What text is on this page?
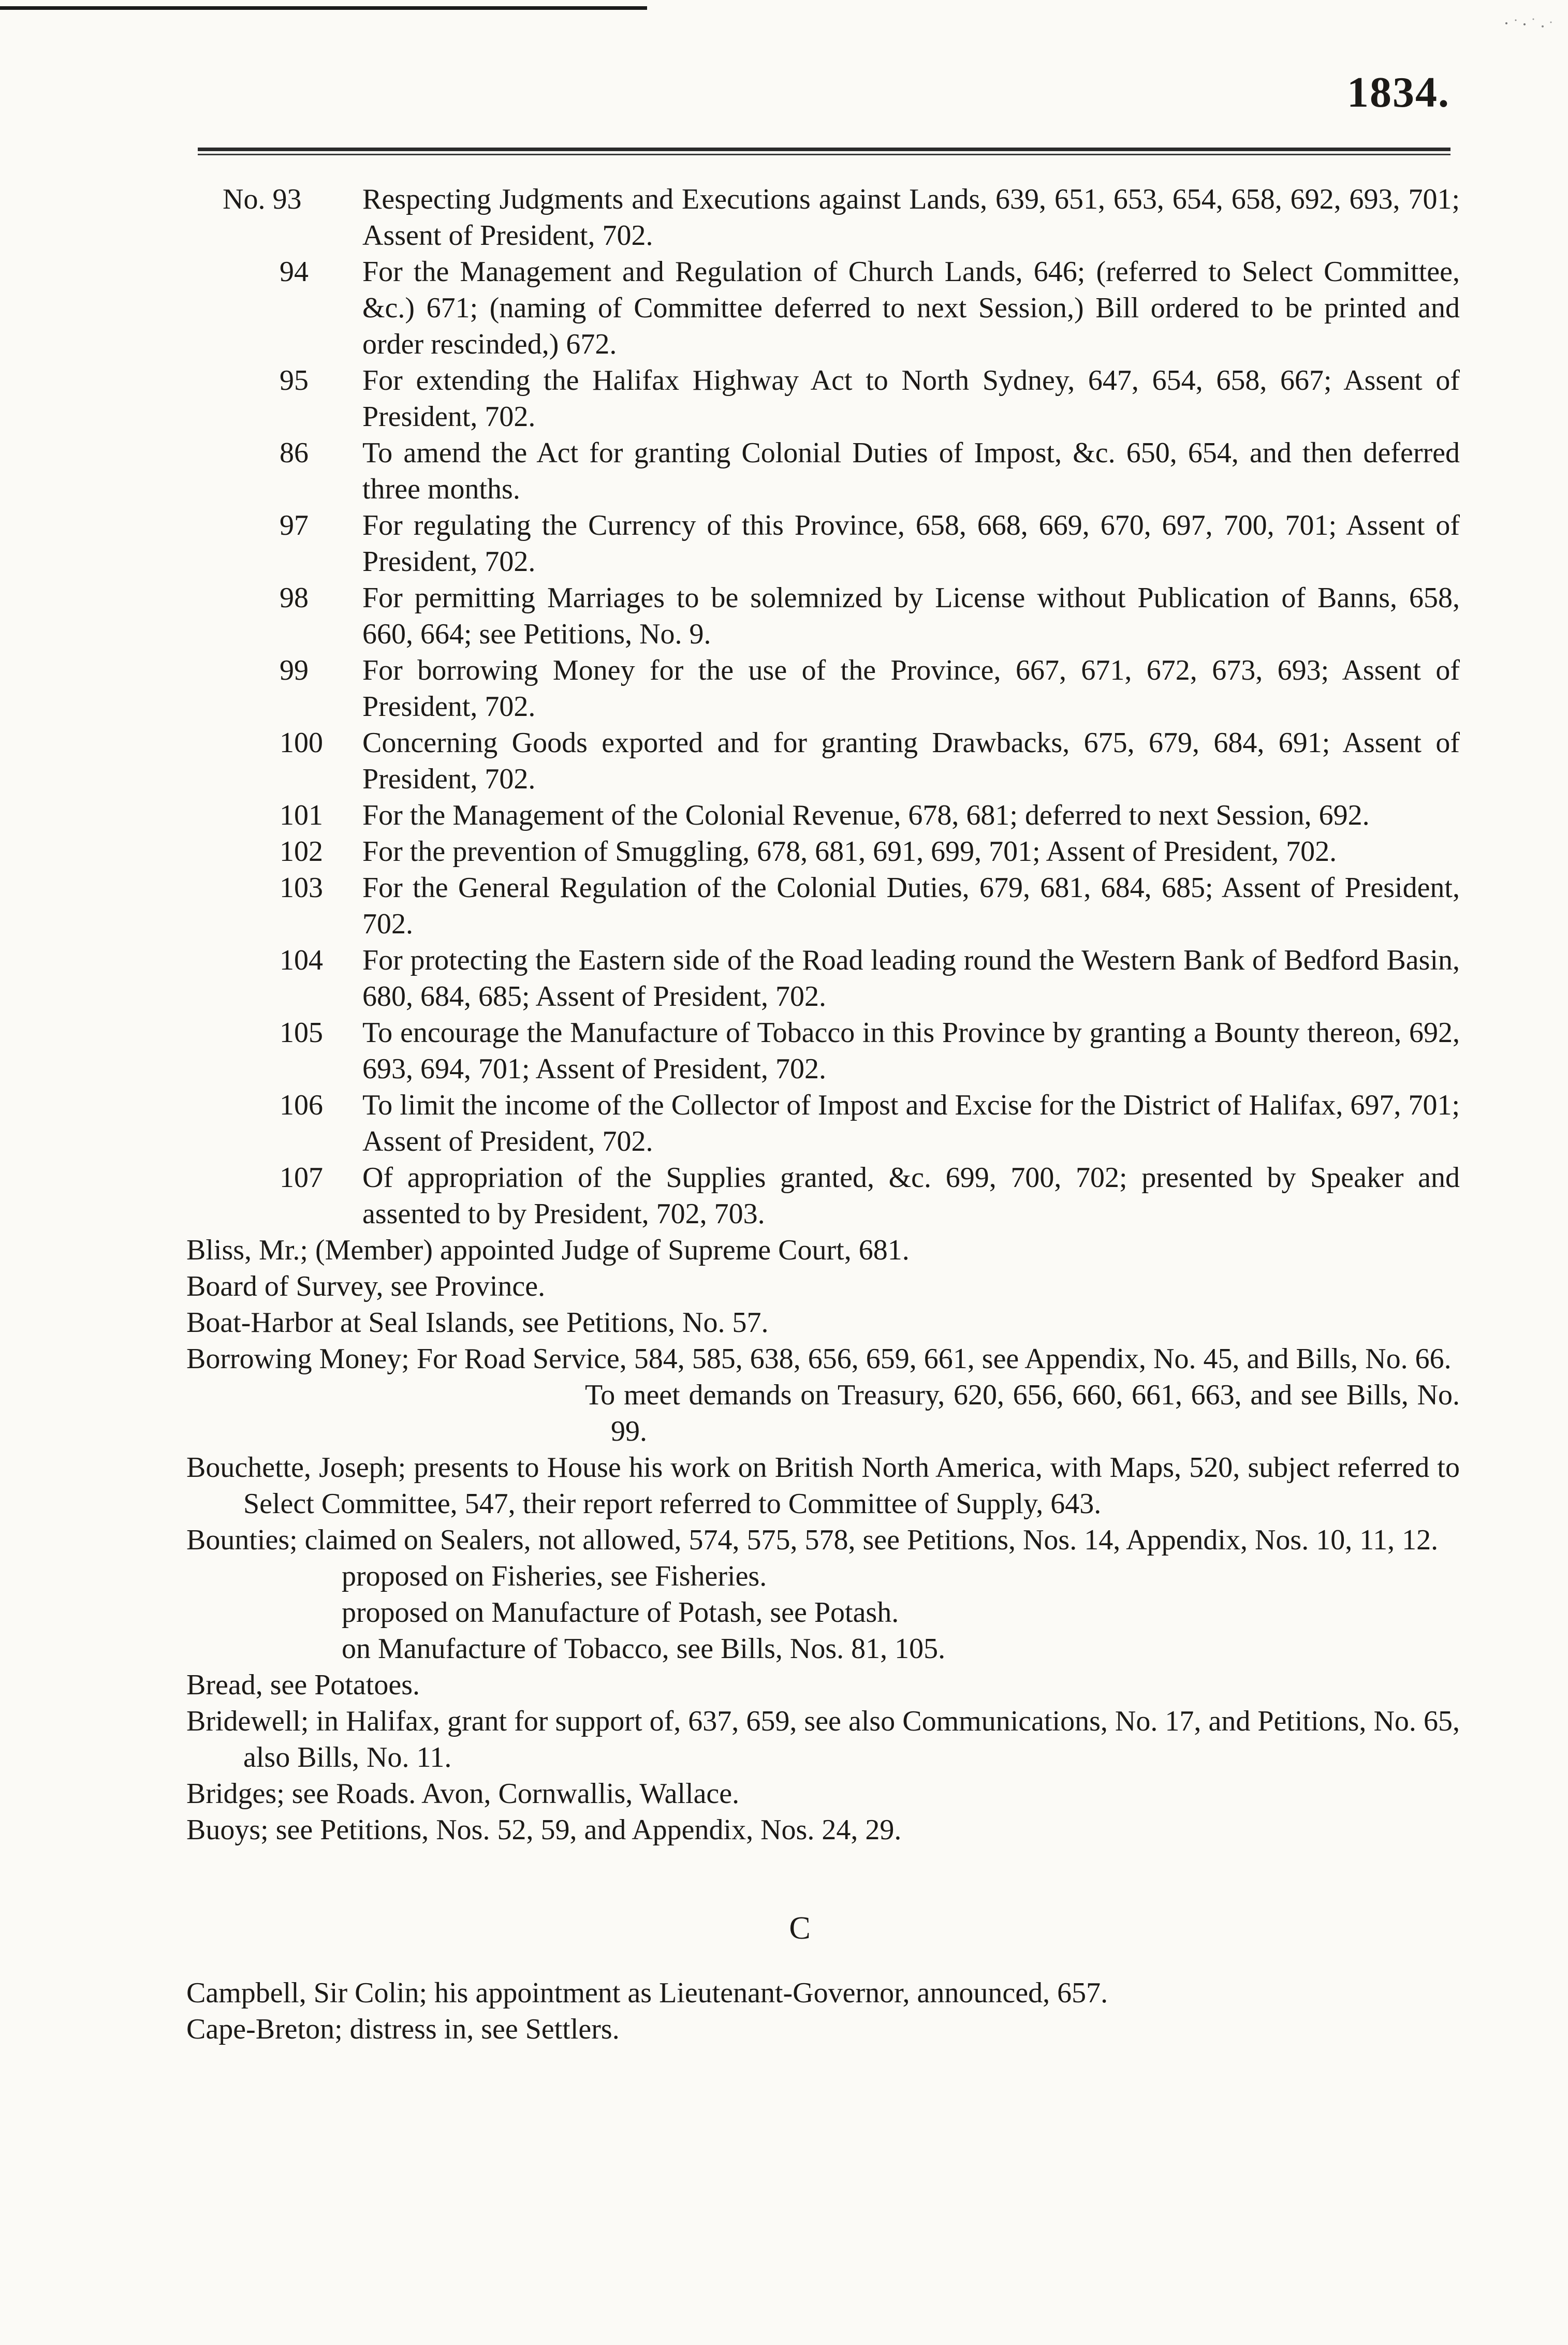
1834.
No. 93 Respecting Judgments and Executions against Lands, 639, 651, 653, 654, 658, 692, 693, 701; Assent of President, 702.
94 For the Management and Regulation of Church Lands, 646; (referred to Select Committee, &c.) 671; (naming of Committee deferred to next Session,) Bill ordered to be printed and order rescinded,) 672.
95 For extending the Halifax Highway Act to North Sydney, 647, 654, 658, 667; Assent of President, 702.
86 To amend the Act for granting Colonial Duties of Impost, &c. 650, 654, and then deferred three months.
97 For regulating the Currency of this Province, 658, 668, 669, 670, 697, 700, 701; Assent of President, 702.
98 For permitting Marriages to be solemnized by License without Publication of Banns, 658, 660, 664; see Petitions, No. 9.
99 For borrowing Money for the use of the Province, 667, 671, 672, 673, 693; Assent of President, 702.
100 Concerning Goods exported and for granting Drawbacks, 675, 679, 684, 691; Assent of President, 702.
101 For the Management of the Colonial Revenue, 678, 681; deferred to next Session, 692.
102 For the prevention of Smuggling, 678, 681, 691, 699, 701; Assent of President, 702.
103 For the General Regulation of the Colonial Duties, 679, 681, 684, 685; Assent of President, 702.
104 For protecting the Eastern side of the Road leading round the Western Bank of Bedford Basin, 680, 684, 685; Assent of President, 702.
105 To encourage the Manufacture of Tobacco in this Province by granting a Bounty thereon, 692, 693, 694, 701; Assent of President, 702.
106 To limit the income of the Collector of Impost and Excise for the District of Halifax, 697, 701; Assent of President, 702.
107 Of appropriation of the Supplies granted, &c. 699, 700, 702; presented by Speaker and assented to by President, 702, 703.
Bliss, Mr.; (Member) appointed Judge of Supreme Court, 681.
Board of Survey, see Province.
Boat-Harbor at Seal Islands, see Petitions, No. 57.
Borrowing Money; For Road Service, 584, 585, 638, 656, 659, 661, see Appendix, No. 45, and Bills, No. 66.
To meet demands on Treasury, 620, 656, 660, 661, 663, and see Bills, No. 99.
Bouchette, Joseph; presents to House his work on British North America, with Maps, 520, subject referred to Select Committee, 547, their report referred to Committee of Supply, 643.
Bounties; claimed on Sealers, not allowed, 574, 575, 578, see Petitions, Nos. 14, Appendix, Nos. 10, 11, 12.
proposed on Fisheries, see Fisheries.
proposed on Manufacture of Potash, see Potash.
on Manufacture of Tobacco, see Bills, Nos. 81, 105.
Bread, see Potatoes.
Bridewell; in Halifax, grant for support of, 637, 659, see also Communications, No. 17, and Petitions, No. 65, also Bills, No. 11.
Bridges; see Roads. Avon, Cornwallis, Wallace.
Buoys; see Petitions, Nos. 52, 59, and Appendix, Nos. 24, 29.
C
Campbell, Sir Colin; his appointment as Lieutenant-Governor, announced, 657.
Cape-Breton; distress in, see Settlers.
